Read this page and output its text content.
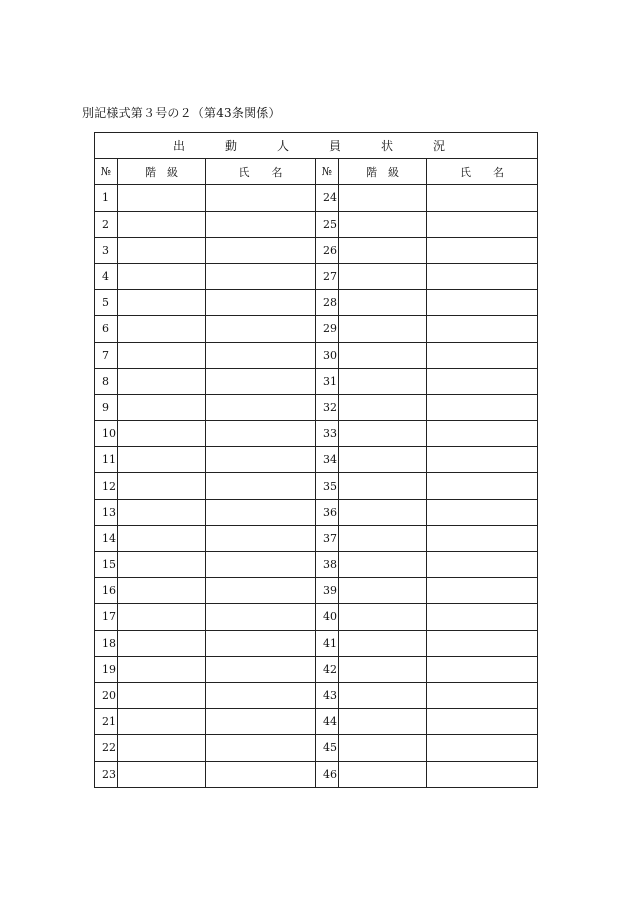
別記様式第３号の２（第43条関係）
出　動　人　員　状　況					
№	階　級	氏　　名	№	階　級	氏　　名
1			24		
2			25		
3			26		
4			27		
5			28		
6			29		
7			30		
8			31		
9			32		
10			33		
11			34		
12			35		
13			36		
14			37		
15			38		
16			39		
17			40		
18			41		
19			42		
20			43		
21			44		
22			45		
23			46		
